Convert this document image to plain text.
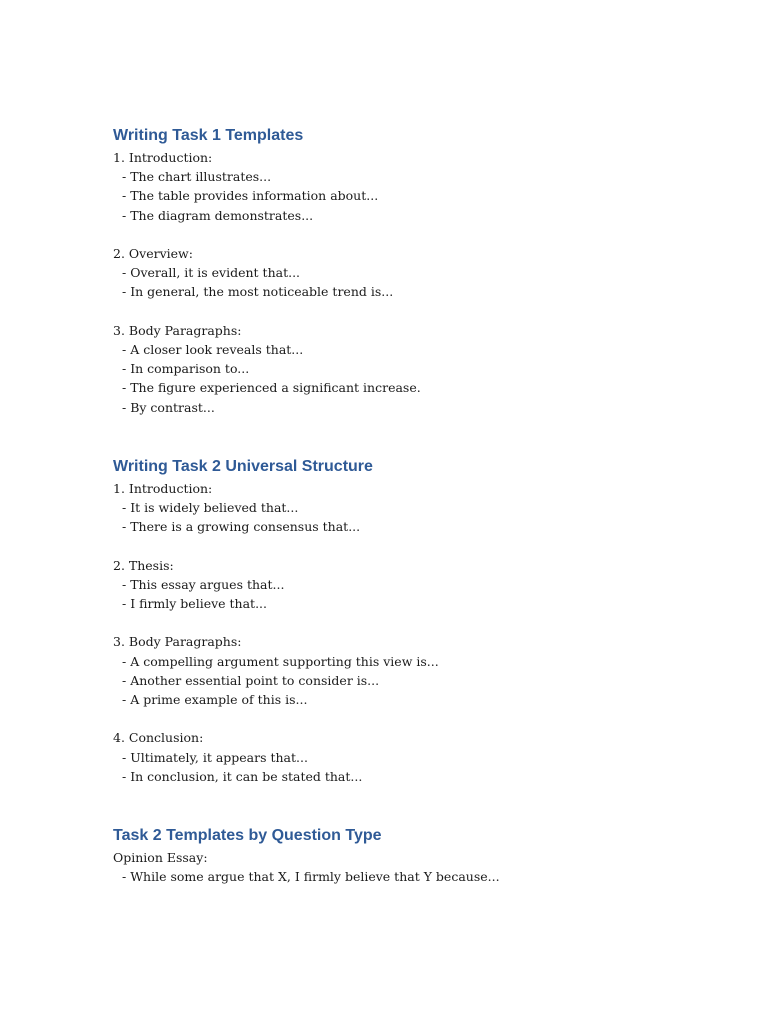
Writing Task 1 Templates

1. Introduction:

- The chart illustrates...

- The table provides information about...

- The diagram demonstrates...

2. Overview:

- Overall, it is evident that...

- In general, the most noticeable trend is...

3. Body Paragraphs:

- A closer look reveals that...

- In comparison to...

- The figure experienced a significant increase.

- By contrast...

Writing Task 2 Universal Structure

1. Introduction:

- It is widely believed that...

- There is a growing consensus that...

2. Thesis:

- This essay argues that...

- I firmly believe that...

3. Body Paragraphs:

- A compelling argument supporting this view is...

- Another essential point to consider is...

- A prime example of this is...

4. Conclusion:

- Ultimately, it appears that...

- In conclusion, it can be stated that...

Task 2 Templates by Question Type

Opinion Essay:

- While some argue that X, I firmly believe that Y because...
